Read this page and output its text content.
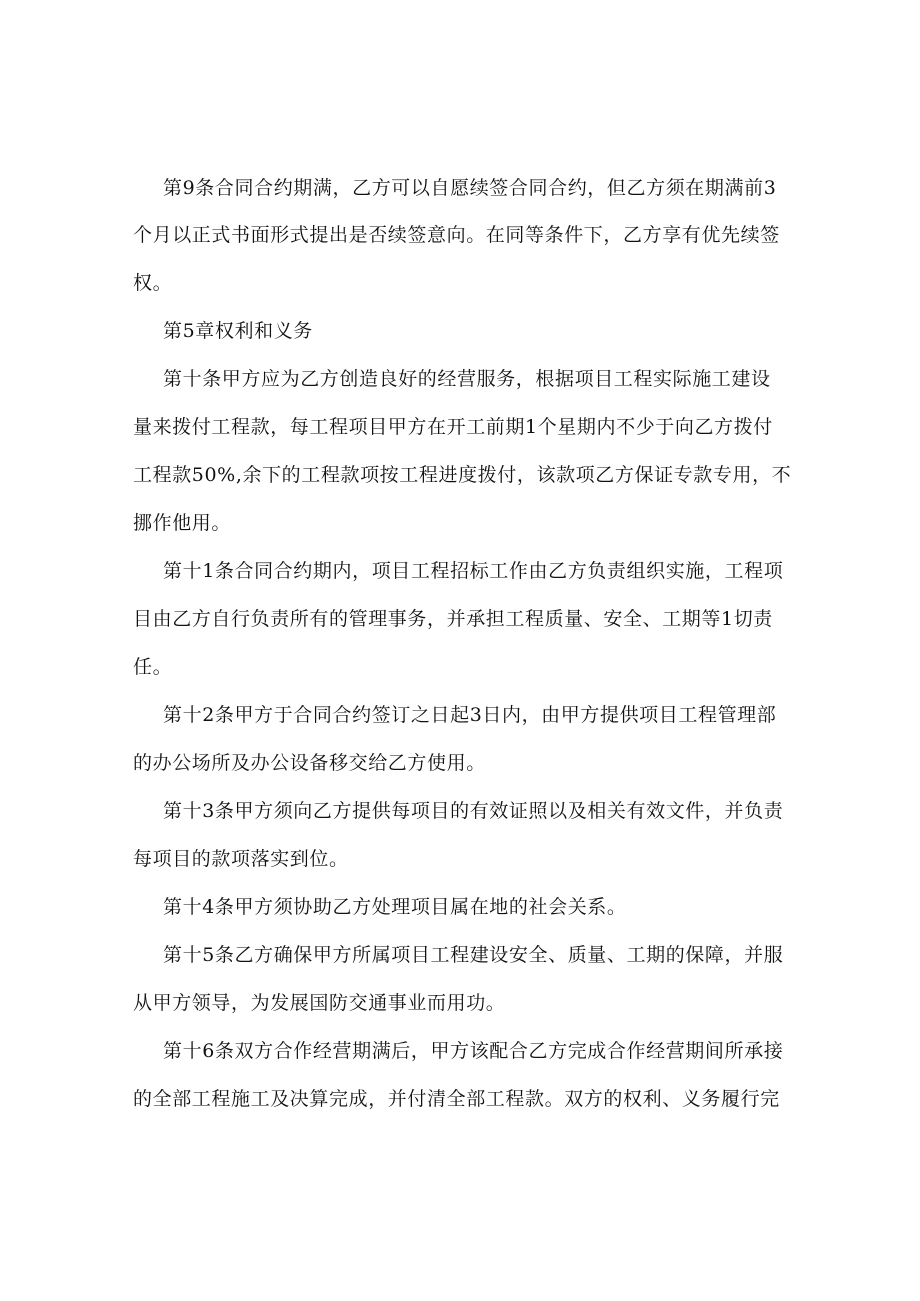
第9条合同合约期满，乙方可以自愿续签合同合约，但乙方须在期满前3
个月以正式书面形式提出是否续签意向。在同等条件下，乙方享有优先续签
权。
第5章权利和义务
第十条甲方应为乙方创造良好的经营服务，根据项目工程实际施工建设
量来拨付工程款，每工程项目甲方在开工前期1个星期内不少于向乙方拨付
工程款50%,余下的工程款项按工程进度拨付，该款项乙方保证专款专用，不
挪作他用。
第十1条合同合约期内，项目工程招标工作由乙方负责组织实施，工程项
目由乙方自行负责所有的管理事务，并承担工程质量、安全、工期等1切责
任。
第十2条甲方于合同合约签订之日起3日内，由甲方提供项目工程管理部
的办公场所及办公设备移交给乙方使用。
第十3条甲方须向乙方提供每项目的有效证照以及相关有效文件，并负责
每项目的款项落实到位。
第十4条甲方须协助乙方处理项目属在地的社会关系。
第十5条乙方确保甲方所属项目工程建设安全、质量、工期的保障，并服
从甲方领导，为发展国防交通事业而用功。
第十6条双方合作经营期满后，甲方该配合乙方完成合作经营期间所承接
的全部工程施工及决算完成，并付清全部工程款。双方的权利、义务履行完
